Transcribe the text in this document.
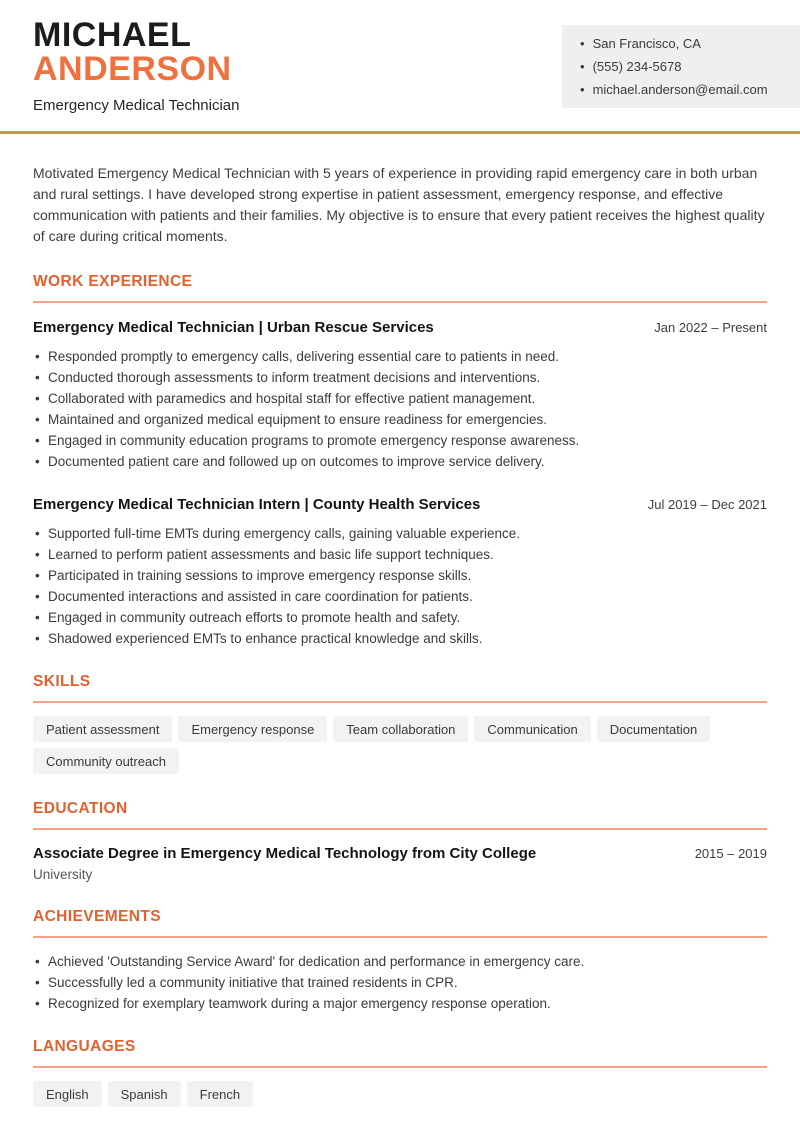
MICHAEL
ANDERSON
Emergency Medical Technician
• San Francisco, CA
• (555) 234-5678
• michael.anderson@email.com

Motivated Emergency Medical Technician with 5 years of experience in providing rapid emergency care in both urban and rural settings. I have developed strong expertise in patient assessment, emergency response, and effective communication with patients and their families. My objective is to ensure that every patient receives the highest quality of care during critical moments.

WORK EXPERIENCE
Emergency Medical Technician | Urban Rescue Services	Jan 2022 – Present
• Responded promptly to emergency calls, delivering essential care to patients in need.
• Conducted thorough assessments to inform treatment decisions and interventions.
• Collaborated with paramedics and hospital staff for effective patient management.
• Maintained and organized medical equipment to ensure readiness for emergencies.
• Engaged in community education programs to promote emergency response awareness.
• Documented patient care and followed up on outcomes to improve service delivery.
Emergency Medical Technician Intern | County Health Services	Jul 2019 – Dec 2021
• Supported full-time EMTs during emergency calls, gaining valuable experience.
• Learned to perform patient assessments and basic life support techniques.
• Participated in training sessions to improve emergency response skills.
• Documented interactions and assisted in care coordination for patients.
• Engaged in community outreach efforts to promote health and safety.
• Shadowed experienced EMTs to enhance practical knowledge and skills.
SKILLS
Patient assessment	Emergency response	Team collaboration	Communication	Documentation
Community outreach
EDUCATION
Associate Degree in Emergency Medical Technology from City College	2015 – 2019
University
ACHIEVEMENTS
• Achieved 'Outstanding Service Award' for dedication and performance in emergency care.
• Successfully led a community initiative that trained residents in CPR.
• Recognized for exemplary teamwork during a major emergency response operation.
LANGUAGES
English	Spanish	French
